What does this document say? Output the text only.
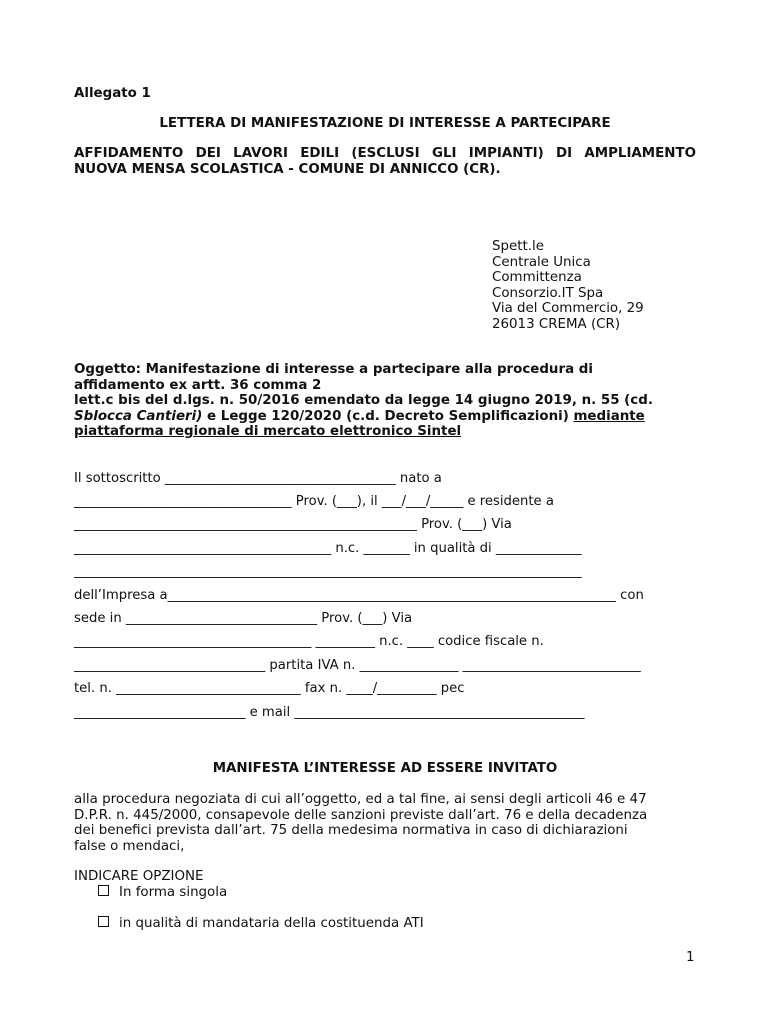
Allegato 1
LETTERA DI MANIFESTAZIONE DI INTERESSE A PARTECIPARE
AFFIDAMENTO DEI LAVORI EDILI (ESCLUSI GLI IMPIANTI) DI AMPLIAMENTO
NUOVA MENSA SCOLASTICA - COMUNE DI ANNICCO (CR).
Spett.le
Centrale Unica
Committenza
Consorzio.IT Spa
Via del Commercio, 29
26013 CREMA (CR)
Oggetto: Manifestazione di interesse a partecipare alla procedura di
affidamento ex artt. 36 comma 2
lett.c bis del d.lgs. n. 50/2016 emendato da legge 14 giugno 2019, n. 55 (cd.
Sblocca Cantieri) e Legge 120/2020 (c.d. Decreto Semplificazioni) mediante
piattaforma regionale di mercato elettronico Sintel
Il sottoscritto ___________________________________ nato a
_________________________________ Prov. (___), il ___/___/_____ e residente a
____________________________________________________ Prov. (___) Via
_______________________________________ n.c. _______ in qualità di _____________
_____________________________________________________________________________
dell’Impresa a____________________________________________________________________ con
sede in _____________________________ Prov. (___) Via
____________________________________ _________ n.c. ____ codice fiscale n.
_____________________________ partita IVA n. _______________ ___________________________
tel. n. ____________________________ fax n. ____/_________ pec
__________________________ e mail ____________________________________________
MANIFESTA L’INTERESSE AD ESSERE INVITATO
alla procedura negoziata di cui all’oggetto, ed a tal fine, ai sensi degli articoli 46 e 47
D.P.R. n. 445/2000, consapevole delle sanzioni previste dall’art. 76 e della decadenza
dei benefici prevista dall’art. 75 della medesima normativa in caso di dichiarazioni
false o mendaci,
INDICARE OPZIONE
In forma singola
in qualità di mandataria della costituenda ATI
1
